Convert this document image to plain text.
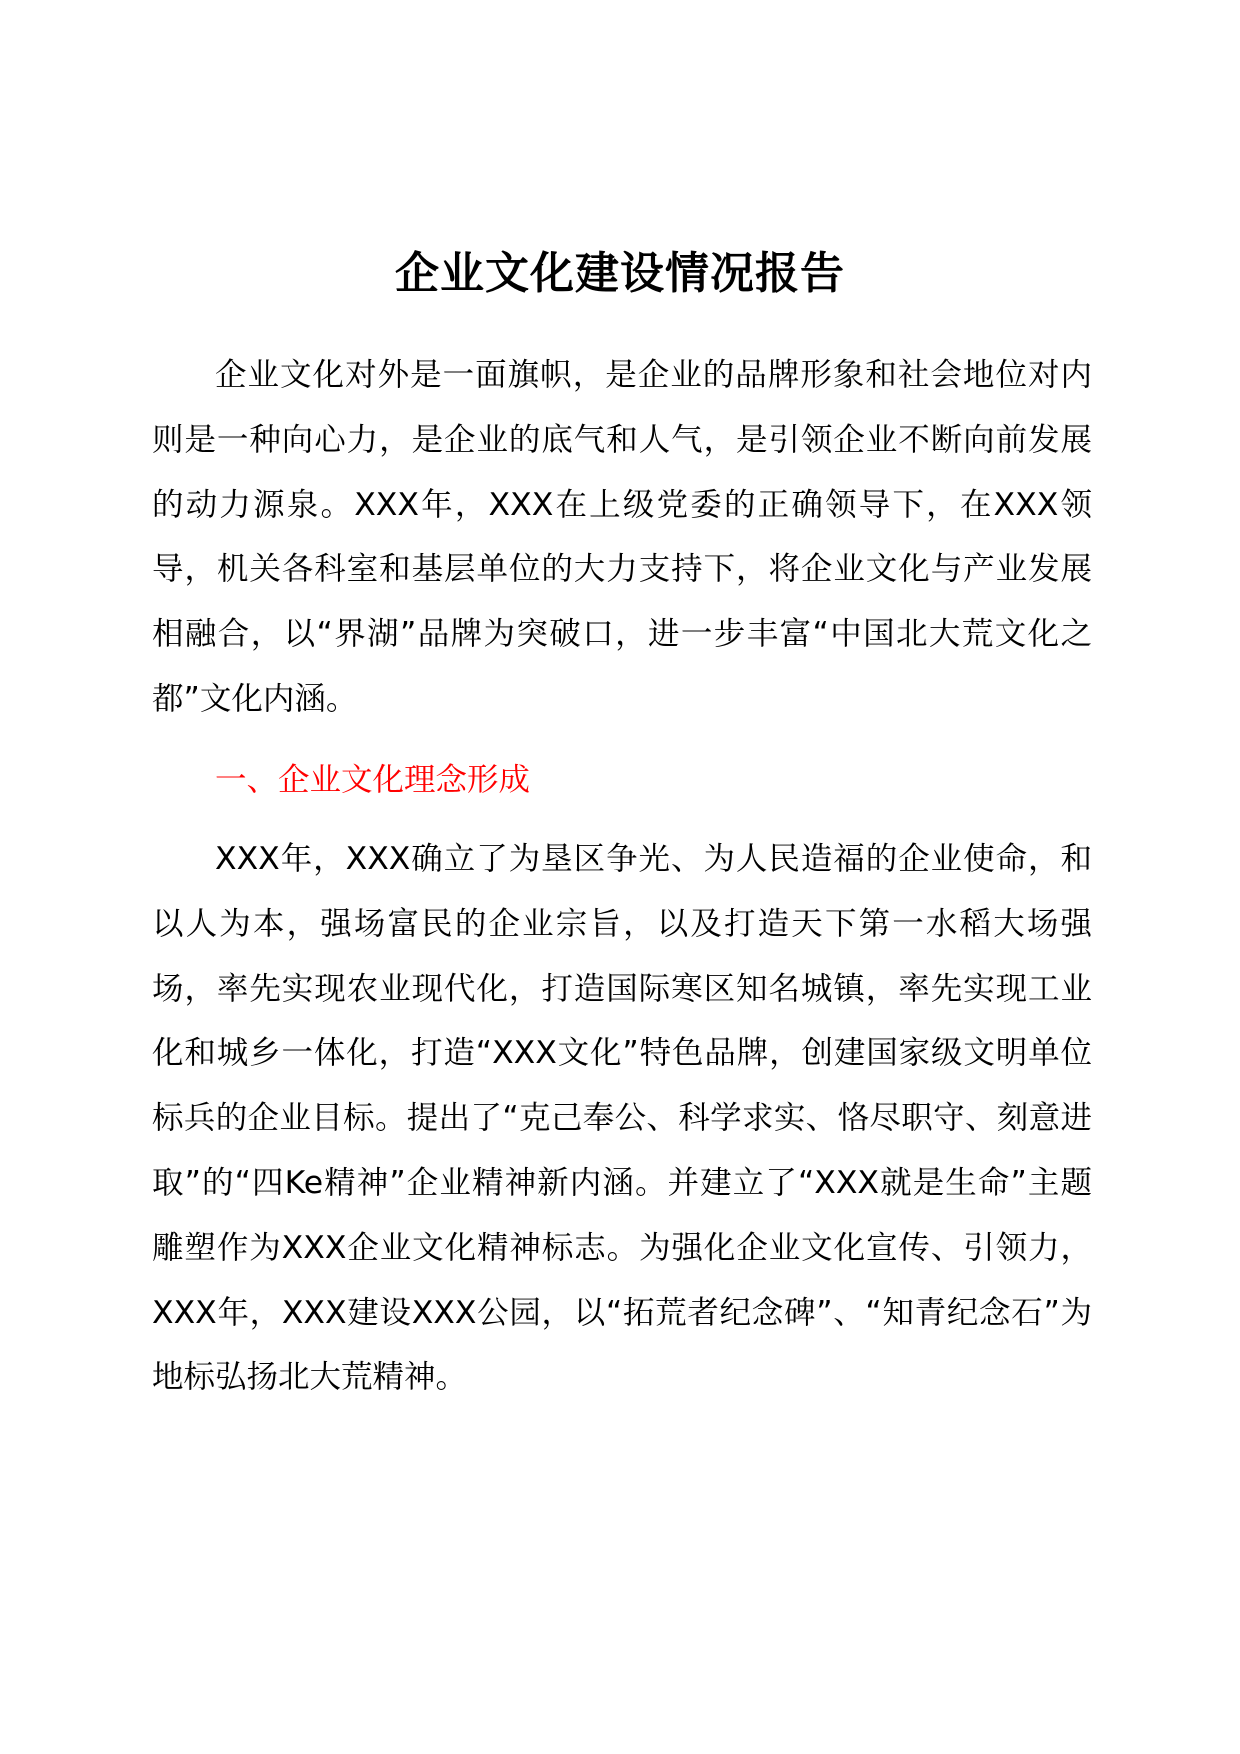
企业文化建设情况报告

企业文化对外是一面旗帜，是企业的品牌形象和社会地位对内则是一种向心力，是企业的底气和人气，是引领企业不断向前发展的动力源泉。XXX年，XXX在上级党委的正确领导下，在XXX领导，机关各科室和基层单位的大力支持下，将企业文化与产业发展相融合，以“界湖”品牌为突破口，进一步丰富“中国北大荒文化之都”文化内涵。

一、企业文化理念形成

XXX年，XXX确立了为垦区争光、为人民造福的企业使命，和以人为本，强场富民的企业宗旨，以及打造天下第一水稻大场强场，率先实现农业现代化，打造国际寒区知名城镇，率先实现工业化和城乡一体化，打造“XXX文化”特色品牌，创建国家级文明单位标兵的企业目标。提出了“克己奉公、科学求实、恪尽职守、刻意进取”的“四Ke精神”企业精神新内涵。并建立了“XXX就是生命”主题雕塑作为XXX企业文化精神标志。为强化企业文化宣传、引领力，XXX年，XXX建设XXX公园，以“拓荒者纪念碑”、“知青纪念石”为地标弘扬北大荒精神。
